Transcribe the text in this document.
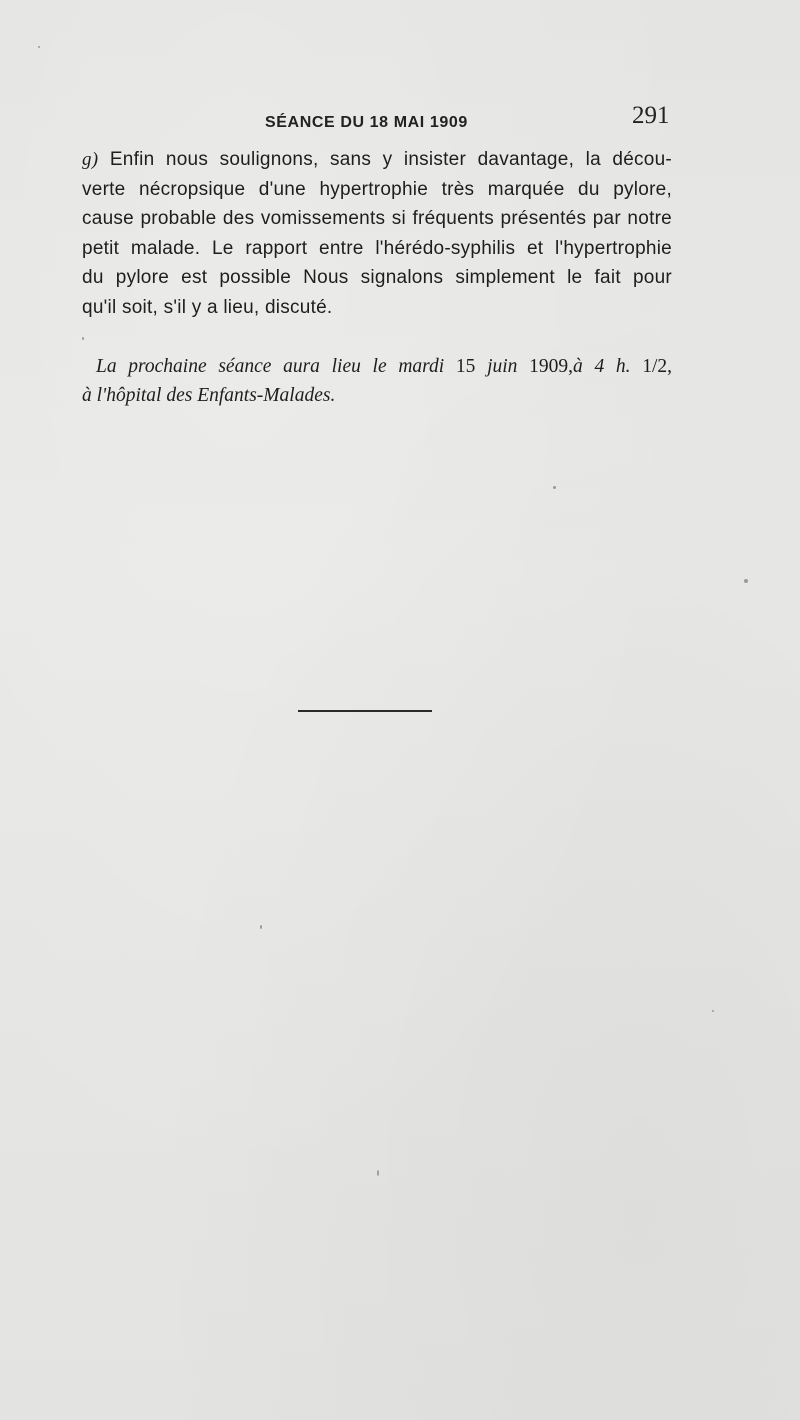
SÉANCE DU 18 MAI 1909	291
g) Enfin nous soulignons, sans y insister davantage, la décou-
verte nécropsique d'une hypertrophie très marquée du pylore,
cause probable des vomissements si fréquents présentés par notre
petit malade. Le rapport entre l'hérédo-syphilis et l'hypertrophie
du pylore est possible Nous signalons simplement le fait pour
qu'il soit, s'il y a lieu, discuté.
La prochaine séance aura lieu le mardi 15 juin 1909,à 4 h. 1/2,
à l'hôpital des Enfants-Malades.
